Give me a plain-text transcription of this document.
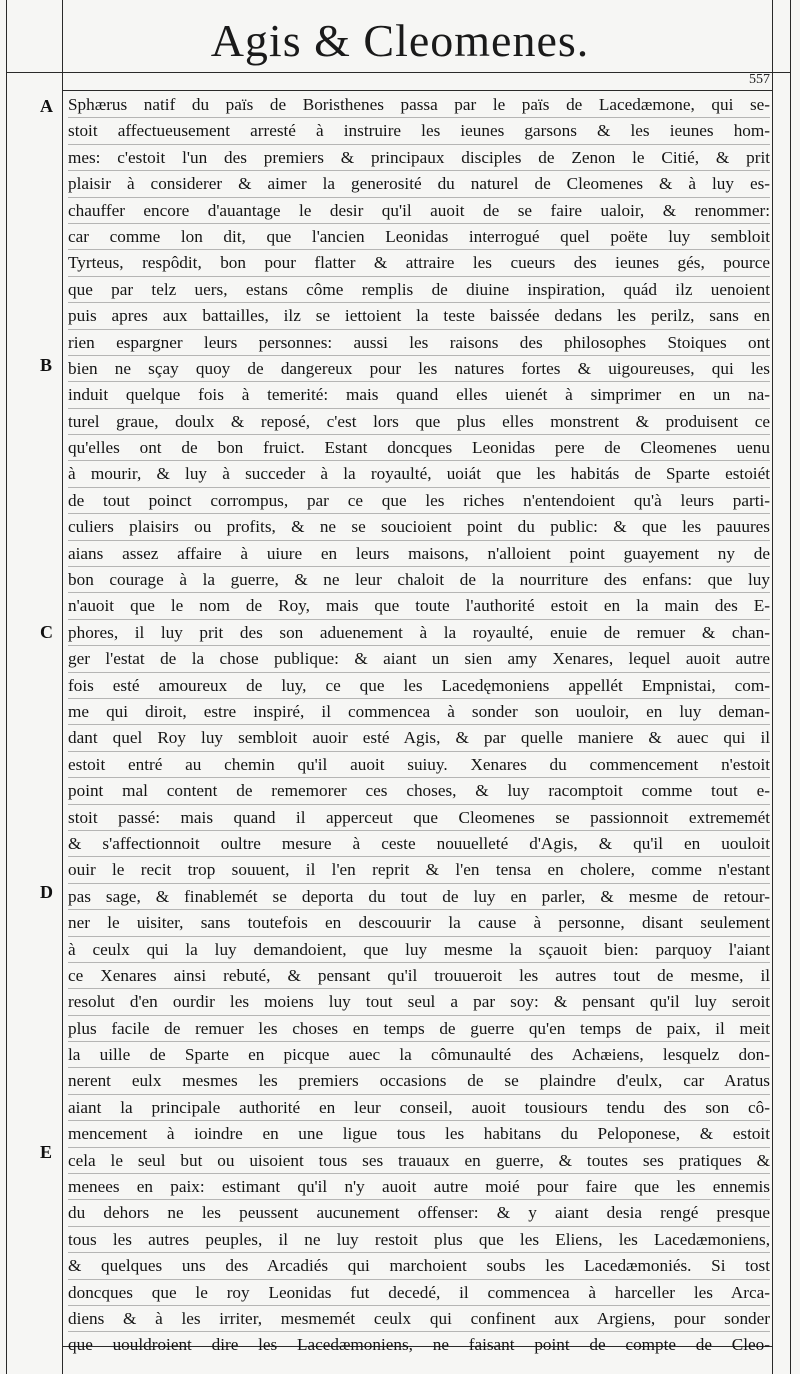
Agis & Cleomenes.
557
A
B
C
D
E
Sphærus natif du païs de Boristhenes passa par le païs de Lacedæmone, qui se-
stoit affectueusement arresté à instruire les ieunes garsons & les ieunes hom-
mes: c'estoit l'un des premiers & principaux disciples de Zenon le Citié, & prit
plaisir à considerer & aimer la generosité du naturel de Cleomenes & à luy es-
chauffer encore d'auantage le desir qu'il auoit de se faire ualoir, & renommer:
car comme lon dit, que l'ancien Leonidas interrogué quel poëte luy sembloit
Tyrteus, respôdit, bon pour flatter & attraire les cueurs des ieunes gés, pource
que par telz uers, estans côme remplis de diuine inspiration, quád ilz uenoient
puis apres aux battailles, ilz se iettoient la teste baissée dedans les perilz, sans en
rien espargner leurs personnes: aussi les raisons des philosophes Stoiques ont
bien ne sçay quoy de dangereux pour les natures fortes & uigoureuses, qui les
induit quelque fois à temerité: mais quand elles uienét à simprimer en un na-
turel graue, doulx & reposé, c'est lors que plus elles monstrent & produisent ce
qu'elles ont de bon fruict. Estant doncques Leonidas pere de Cleomenes uenu
à mourir, & luy à succeder à la royaulté, uoiát que les habitás de Sparte estoiét
de tout poinct corrompus, par ce que les riches n'entendoient qu'à leurs parti-
culiers plaisirs ou profits, & ne se soucioient point du public: & que les pauures
aians assez affaire à uiure en leurs maisons, n'alloient point guayement ny de
bon courage à la guerre, & ne leur chaloit de la nourriture des enfans: que luy
n'auoit que le nom de Roy, mais que toute l'authorité estoit en la main des E-
phores, il luy prit des son aduenement à la royaulté, enuie de remuer & chan-
ger l'estat de la chose publique: & aiant un sien amy Xenares, lequel auoit autre
fois esté amoureux de luy, ce que les Lacedęmoniens appellét Empnistai, com-
me qui diroit, estre inspiré, il commencea à sonder son uouloir, en luy deman-
dant quel Roy luy sembloit auoir esté Agis, & par quelle maniere & auec qui il
estoit entré au chemin qu'il auoit suiuy. Xenares du commencement n'estoit
point mal content de rememorer ces choses, & luy racomptoit comme tout e-
stoit passé: mais quand il apperceut que Cleomenes se passionnoit extrememét
& s'affectionnoit oultre mesure à ceste nouuelleté d'Agis, & qu'il en uouloit
ouir le recit trop souuent, il l'en reprit & l'en tensa en cholere, comme n'estant
pas sage, & finablemét se deporta du tout de luy en parler, & mesme de retour-
ner le uisiter, sans toutefois en descouurir la cause à personne, disant seulement
à ceulx qui la luy demandoient, que luy mesme la sçauoit bien: parquoy l'aiant
ce Xenares ainsi rebuté, & pensant qu'il trouueroit les autres tout de mesme, il
resolut d'en ourdir les moiens luy tout seul a par soy: & pensant qu'il luy seroit
plus facile de remuer les choses en temps de guerre qu'en temps de paix, il meit
la uille de Sparte en picque auec la cômunaulté des Achæiens, lesquelz don-
nerent eulx mesmes les premiers occasions de se plaindre d'eulx, car Aratus
aiant la principale authorité en leur conseil, auoit tousiours tendu des son cô-
mencement à ioindre en une ligue tous les habitans du Peloponese, & estoit
cela le seul but ou uisoient tous ses trauaux en guerre, & toutes ses pratiques &
menees en paix: estimant qu'il n'y auoit autre moié pour faire que les ennemis
du dehors ne les peussent aucunement offenser: & y aiant desia rengé presque
tous les autres peuples, il ne luy restoit plus que les Eliens, les Lacedæmoniens,
& quelques uns des Arcadiés qui marchoient soubs les Lacedæmoniés. Si tost
doncques que le roy Leonidas fut decedé, il commencea à harceller les Arca-
diens & à les irriter, mesmemét ceulx qui confinent aux Argiens, pour sonder
que uouldroient dire les Lacedæmoniens, ne faisant point de compte de Cleo-
